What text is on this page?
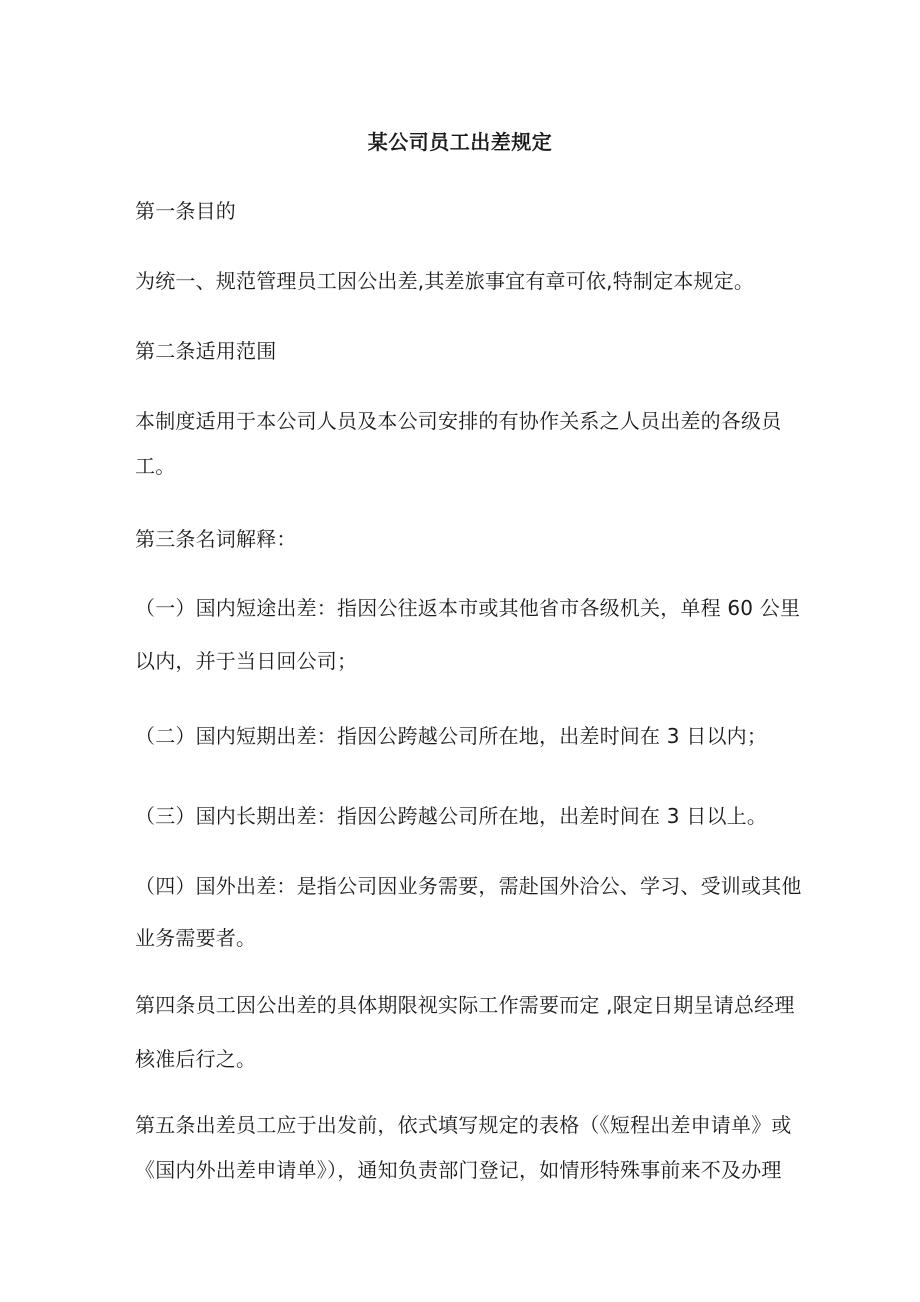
某公司员工出差规定
第一条目的
为统一、规范管理员工因公出差,其差旅事宜有章可依,特制定本规定。
第二条适用范围
本制度适用于本公司人员及本公司安排的有协作关系之人员出差的各级员
工。
第三条名词解释：
（一）国内短途出差：指因公往返本市或其他省市各级机关，单程 60 公里
以内，并于当日回公司；
（二）国内短期出差：指因公跨越公司所在地，出差时间在 3 日以内；
（三）国内长期出差：指因公跨越公司所在地，出差时间在 3 日以上。
（四）国外出差：是指公司因业务需要，需赴国外洽公、学习、受训或其他
业务需要者。
第四条员工因公出差的具体期限视实际工作需要而定 ,限定日期呈请总经理
核准后行之。
第五条出差员工应于出发前，依式填写规定的表格（《短程出差申请单》或
《国内外出差申请单》），通知负责部门登记，如情形特殊事前来不及办理
